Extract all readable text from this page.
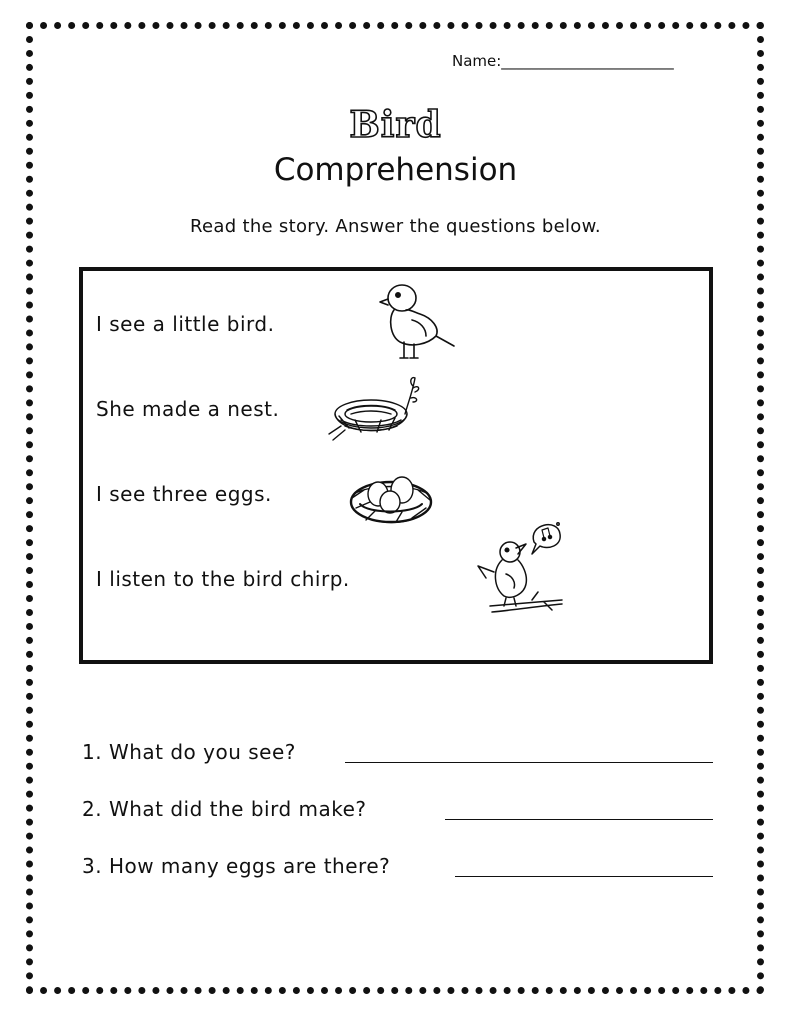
Name:_______________________
Bird
Comprehension
Read the story. Answer the questions below.
I see a little bird.
She made a nest.
I see three eggs.
I listen to the bird chirp.
1. What do you see?
2. What did the bird make?
3. How many eggs are there?
